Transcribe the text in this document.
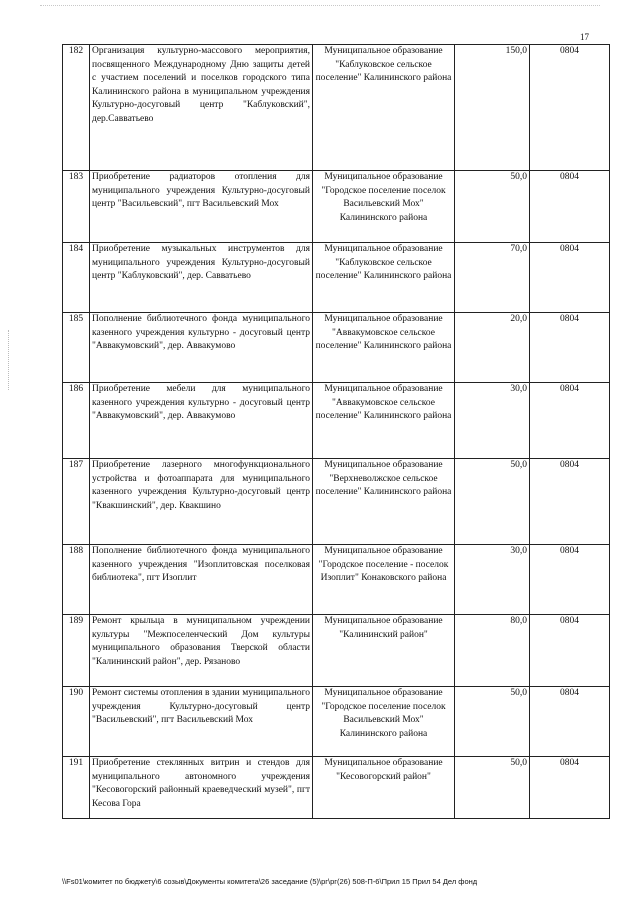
17
182	Организация культурно-массового мероприятия, посвященного Международному Дню защиты детей с участием поселений и поселков городского типа Калининского района в муниципальном учреждения Культурно-досуговый центр "Каблуковский", дер.Савватьево	Муниципальное образование "Каблуковское сельское поселение" Калининского района	150,0	0804
183	Приобретение радиаторов отопления для муниципального учреждения Культурно-досуговый центр "Васильевский", пгт Васильевский Мох	Муниципальное образование "Городское поселение поселок Васильевский Мох" Калининского района	50,0	0804
184	Приобретение музыкальных инструментов для муниципального учреждения Культурно-досуговый центр "Каблуковский", дер. Савватьево	Муниципальное образование "Каблуковское сельское поселение" Калининского района	70,0	0804
185	Пополнение библиотечного фонда муниципального казенного учреждения культурно - досуговый центр "Аввакумовский", дер. Аввакумово	Муниципальное образование "Аввакумовское сельское поселение" Калининского района	20,0	0804
186	Приобретение мебели для муниципального казенного учреждения культурно - досуговый центр "Аввакумовский", дер. Аввакумово	Муниципальное образование "Аввакумовское сельское поселение" Калининского района	30,0	0804
187	Приобретение лазерного многофункционального устройства и фотоаппарата для муниципального казенного учреждения Культурно-досуговый центр "Квакшинский", дер. Квакшино	Муниципальное образование "Верхневолжское сельское поселение" Калининского района	50,0	0804
188	Пополнение библиотечного фонда муниципального казенного учреждения "Изоплитовская поселковая библиотека", пгт Изоплит	Муниципальное образование "Городское поселение - поселок Изоплит" Конаковского района	30,0	0804
189	Ремонт крыльца в муниципальном учреждении культуры "Межпоселенческий Дом культуры муниципального образования Тверской области "Калининский район", дер. Рязаново	Муниципальное образование "Калининский район"	80,0	0804
190	Ремонт системы отопления в здании муниципального учреждения Культурно-досуговый центр "Васильевский", пгт Васильевский Мох	Муниципальное образование "Городское поселение поселок Васильевский Мох" Калининского района	50,0	0804
191	Приобретение стеклянных витрин и стендов для муниципального автономного учреждения "Кесовогорский районный краеведческий музей", пгт Кесова Гора	Муниципальное образование "Кесовогорский район"	50,0	0804
\\Fs01\комитет по бюджету\6 созыв\Документы комитета\26 заседание (5)\рг\рг(26) 508-П-6\Прил 15 Прил 54 Дел фонд
